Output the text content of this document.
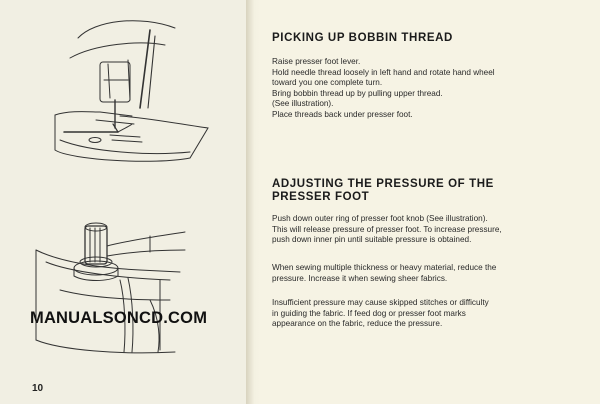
MANUALSONCD.COM
10
PICKING UP BOBBIN THREAD
Raise presser foot lever.
Hold needle thread loosely in left hand and rotate hand wheel
toward you one complete turn.
Bring bobbin thread up by pulling upper thread.
(See illustration).
Place threads back under presser foot.
ADJUSTING THE PRESSURE OF THE
PRESSER FOOT
Push down outer ring of presser foot knob (See illustration).
This will release pressure of presser foot. To increase pressure,
push down inner pin until suitable pressure is obtained.
When sewing multiple thickness or heavy material, reduce the
pressure. Increase it when sewing sheer fabrics.
Insufficient pressure may cause skipped stitches or difficulty
in guiding the fabric. If feed dog or presser foot marks
appearance on the fabric, reduce the pressure.
